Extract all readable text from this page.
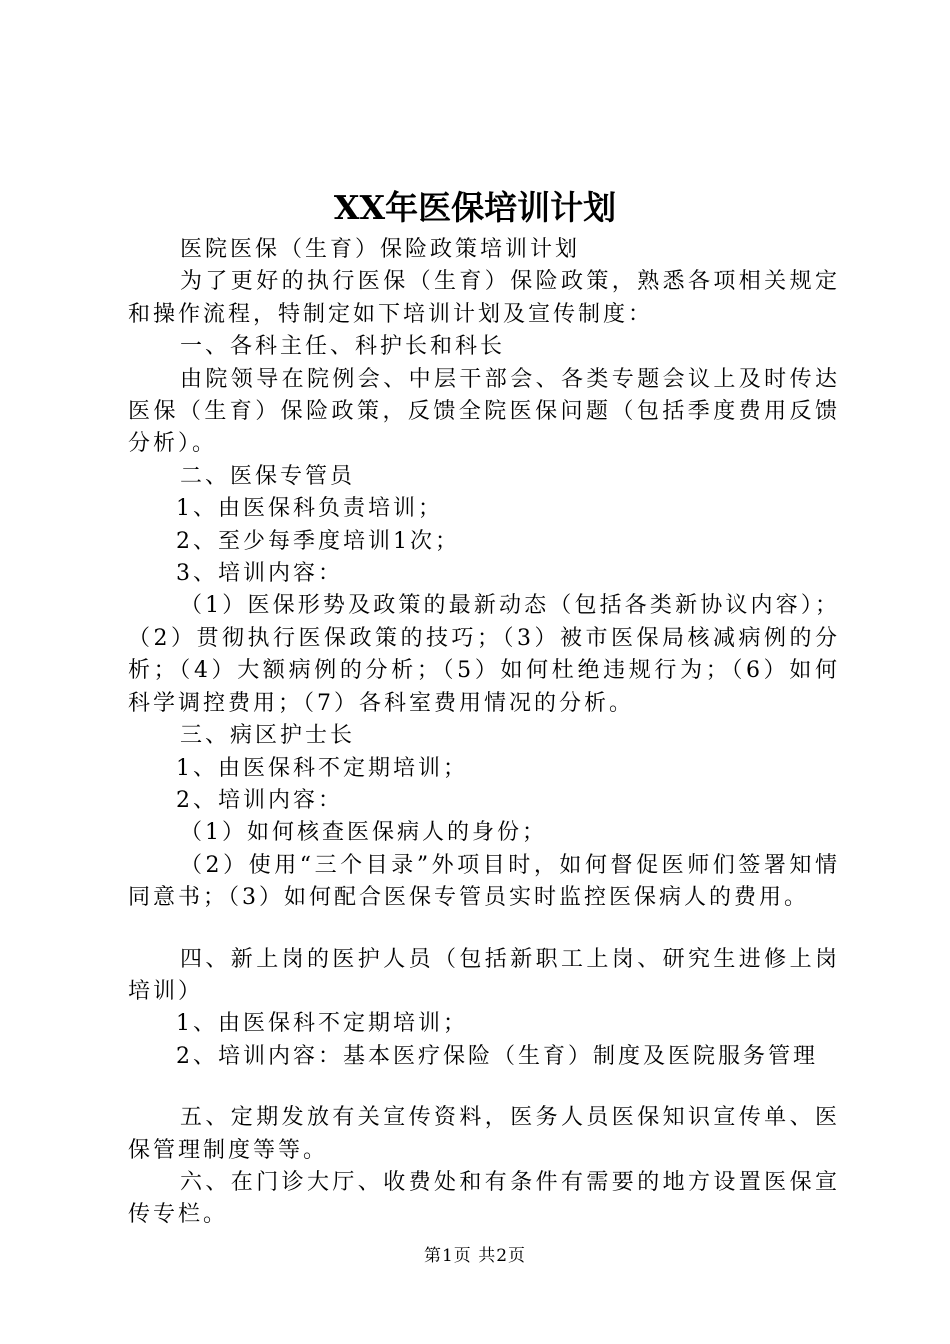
XX年医保培训计划

医院医保（生育）保险政策培训计划

为了更好的执行医保（生育）保险政策，熟悉各项相关规定和操作流程，特制定如下培训计划及宣传制度：

一、各科主任、科护长和科长

由院领导在院例会、中层干部会、各类专题会议上及时传达医保（生育）保险政策，反馈全院医保问题（包括季度费用反馈分析）。

二、医保专管员

1、由医保科负责培训；

2、至少每季度培训1次；

3、培训内容：

（1）医保形势及政策的最新动态（包括各类新协议内容）；（2）贯彻执行医保政策的技巧；（3）被市医保局核减病例的分析；（4）大额病例的分析；（5）如何杜绝违规行为；（6）如何科学调控费用；（7）各科室费用情况的分析。

三、病区护士长

1、由医保科不定期培训；

2、培训内容：

（1）如何核查医保病人的身份；

（2）使用“三个目录”外项目时，如何督促医师们签署知情同意书；（3）如何配合医保专管员实时监控医保病人的费用。

四、新上岗的医护人员（包括新职工上岗、研究生进修上岗培训）

1、由医保科不定期培训；

2、培训内容：基本医疗保险（生育）制度及医院服务管理

五、定期发放有关宣传资料，医务人员医保知识宣传单、医保管理制度等等。

六、在门诊大厅、收费处和有条件有需要的地方设置医保宣传专栏。

第1页 共2页
